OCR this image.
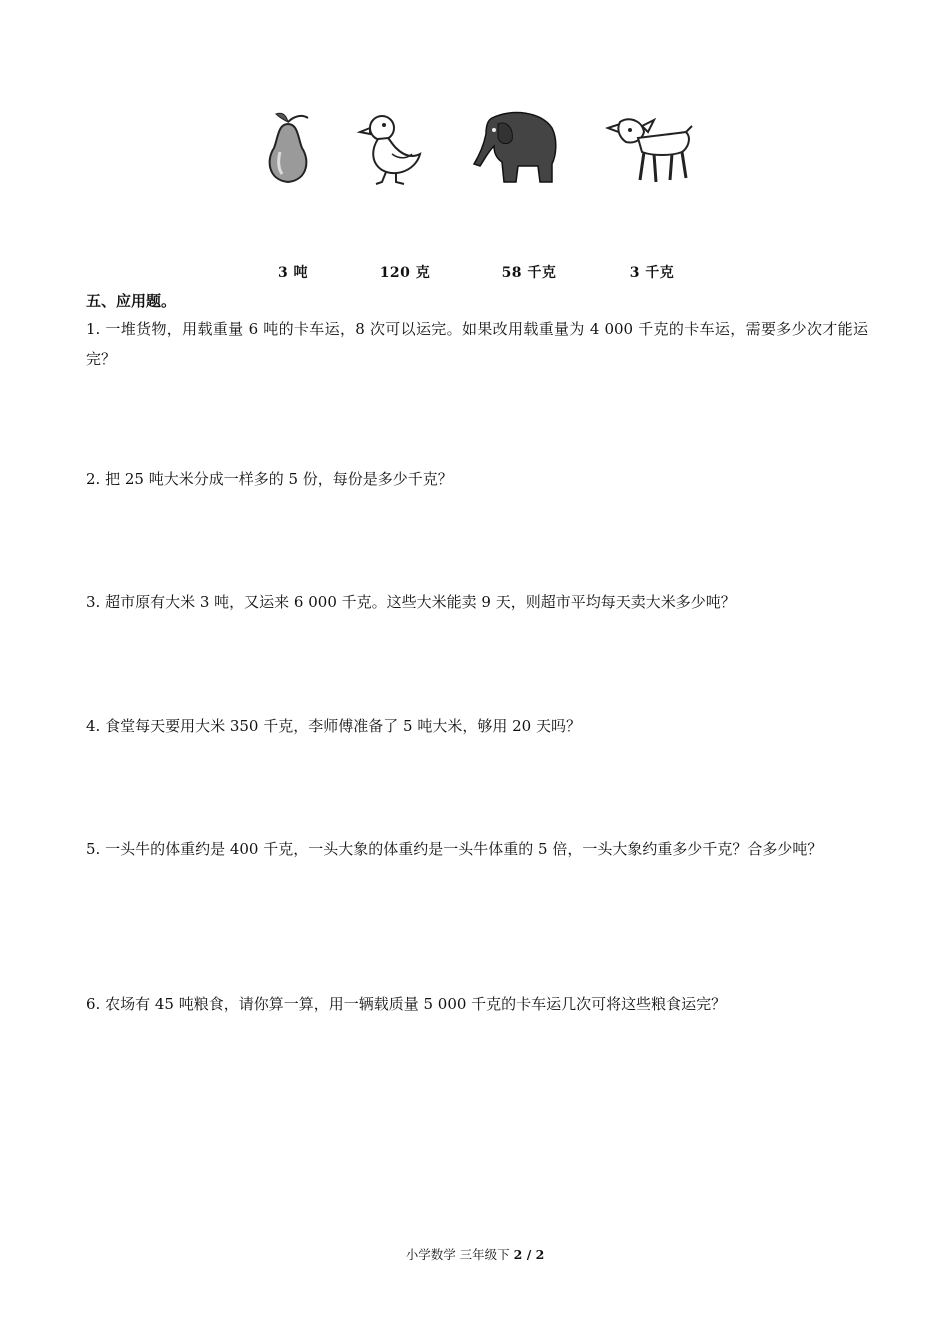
3 吨	120 克	58 千克	3 千克
五、应用题。
1. 一堆货物，用载重量 6 吨的卡车运，8 次可以运完。如果改用载重量为 4 000 千克的卡车运，需要多少次才能运完？
2. 把 25 吨大米分成一样多的 5 份，每份是多少千克？
3. 超市原有大米 3 吨，又运来 6 000 千克。这些大米能卖 9 天，则超市平均每天卖大米多少吨？
4. 食堂每天要用大米 350 千克，李师傅准备了 5 吨大米，够用 20 天吗？
5. 一头牛的体重约是 400 千克，一头大象的体重约是一头牛体重的 5 倍，一头大象约重多少千克？合多少吨？
6. 农场有 45 吨粮食，请你算一算，用一辆载质量 5 000 千克的卡车运几次可将这些粮食运完？
小学数学 三年级下 2 / 2
